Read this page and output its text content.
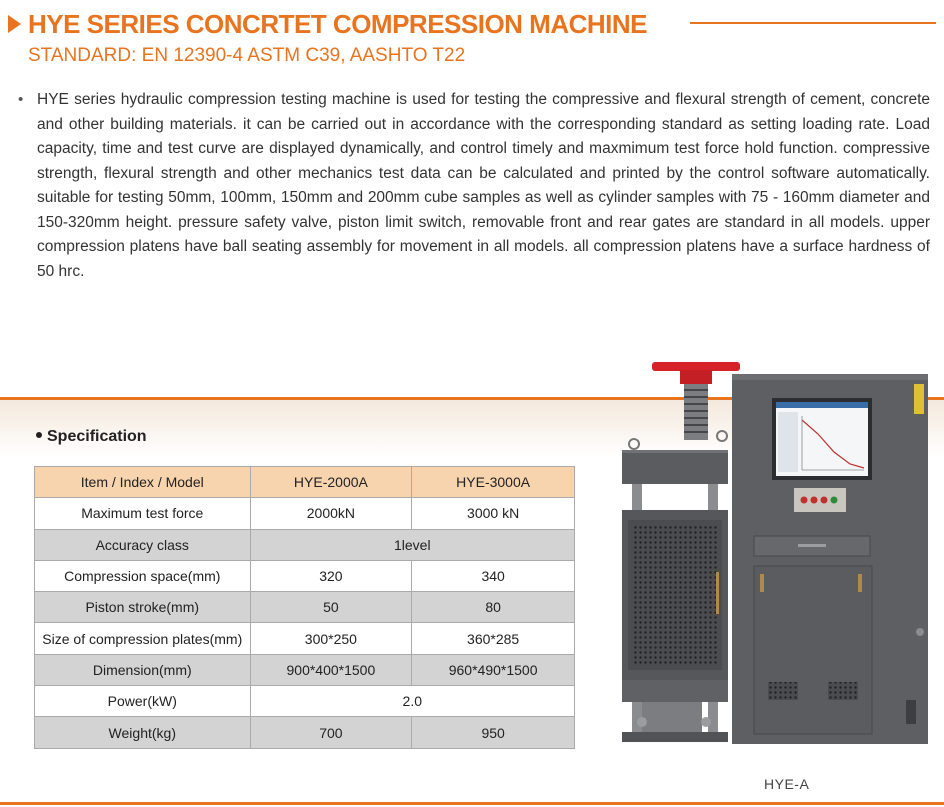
HYE SERIES CONCRTET COMPRESSION MACHINE
STANDARD: EN 12390-4 ASTM C39, AASHTO T22
• HYE series hydraulic compression testing machine is used for testing the compressive and flexural strength of cement, concrete and other building materials. it can be carried out in accordance with the corresponding standard as setting loading rate. Load capacity, time and test curve are displayed dynamically, and control timely and maxmimum test force hold function. compressive strength, flexural strength and other mechanics test data can be calculated and printed by the control software automatically. suitable for testing 50mm, 100mm, 150mm and 200mm cube samples as well as cylinder samples with 75 - 160mm diameter and 150-320mm height. pressure safety valve, piston limit switch, removable front and rear gates are standard in all models. upper compression platens have ball seating assembly for movement in all models. all compression platens have a surface hardness of 50 hrc.

Specification
Item / Index / Model	HYE-2000A	HYE-3000A
Maximum test force	2000kN	3000 kN
Accuracy class	1level	
Compression space(mm)	320	340
Piston stroke(mm)	50	80
Size of compression plates(mm)	300*250	360*285
Dimension(mm)	900*400*1500	960*490*1500
Power(kW)	2.0	
Weight(kg)	700	950
HYE-A
